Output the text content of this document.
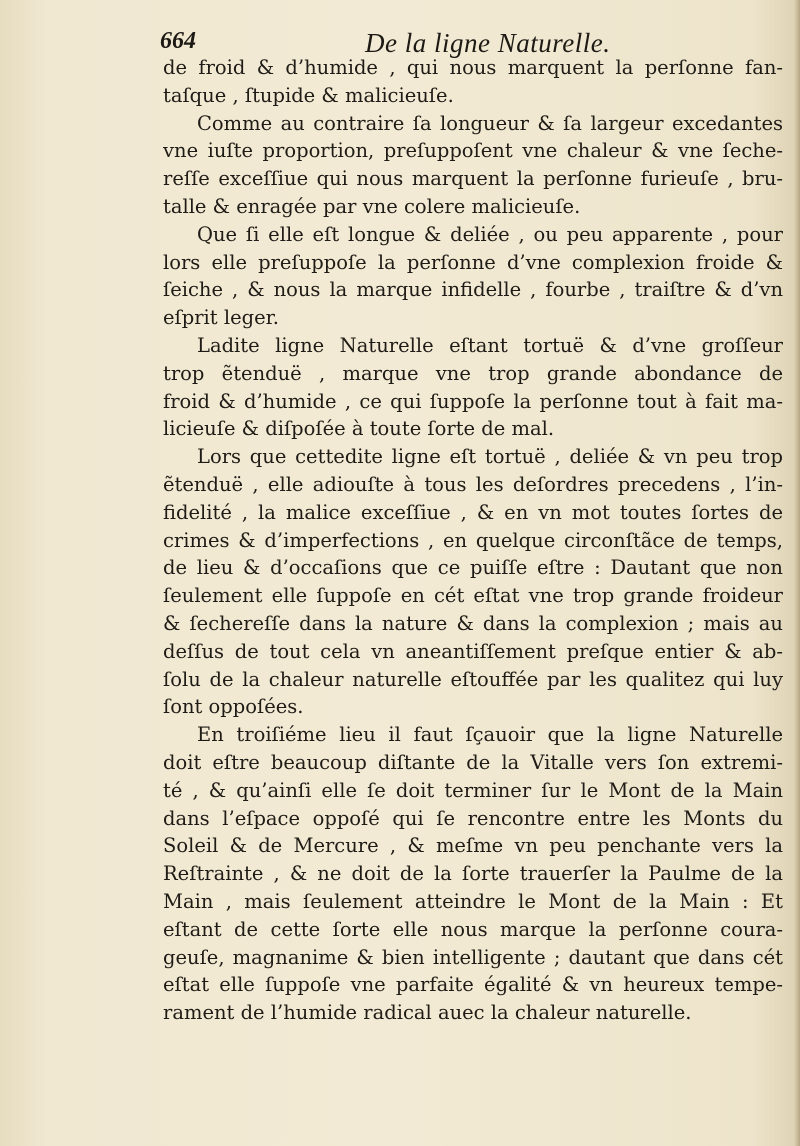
664	De la ligne Naturelle.
de froid & d’humide , qui nous marquent la perſonne fan-
taſque , ſtupide & malicieuſe.
Comme au contraire ſa longueur & ſa largeur excedantes
vne iuſte proportion, preſuppoſent vne chaleur & vne ſeche-
reſſe exceſſiue qui nous marquent la perſonne furieuſe , bru-
talle & enragée par vne colere malicieuſe.
Que ſi elle eſt longue & deliée , ou peu apparente , pour
lors elle preſuppoſe la perſonne d’vne complexion froide &
ſeiche , & nous la marque infidelle , fourbe , traiſtre & d’vn
eſprit leger.
Ladite ligne Naturelle eſtant tortuë & d’vne groſſeur
trop ẽtenduë , marque vne trop grande abondance de
froid & d’humide , ce qui ſuppoſe la perſonne tout à fait ma-
licieuſe & diſpoſée à toute ſorte de mal.
Lors que cettedite ligne eſt tortuë , deliée & vn peu trop
ẽtenduë , elle adiouſte à tous les deſordres precedens , l’in-
fidelité , la malice exceſſiue , & en vn mot toutes ſortes de
crimes & d’imperfections , en quelque circonſtãce de temps,
de lieu & d’occaſions que ce puiſſe eſtre : Dautant que non
ſeulement elle ſuppoſe en cét eſtat vne trop grande froideur
& ſechereſſe dans la nature & dans la complexion ; mais au
deſſus de tout cela vn aneantiſſement preſque entier & ab-
ſolu de la chaleur naturelle eſtouffée par les qualitez qui luy
ſont oppoſées.
En troiſiéme lieu il faut ſçauoir que la ligne Naturelle
doit eſtre beaucoup diſtante de la Vitalle vers ſon extremi-
té , & qu’ainſi elle ſe doit terminer ſur le Mont de la Main
dans l’eſpace oppoſé qui ſe rencontre entre les Monts du
Soleil & de Mercure , & meſme vn peu penchante vers la
Reſtrainte , & ne doit de la ſorte trauerſer la Paulme de la
Main , mais ſeulement atteindre le Mont de la Main : Et
eſtant de cette ſorte elle nous marque la perſonne coura-
geuſe, magnanime & bien intelligente ; dautant que dans cét
eſtat elle ſuppoſe vne parfaite égalité & vn heureux tempe-
rament de l’humide radical auec la chaleur naturelle.
